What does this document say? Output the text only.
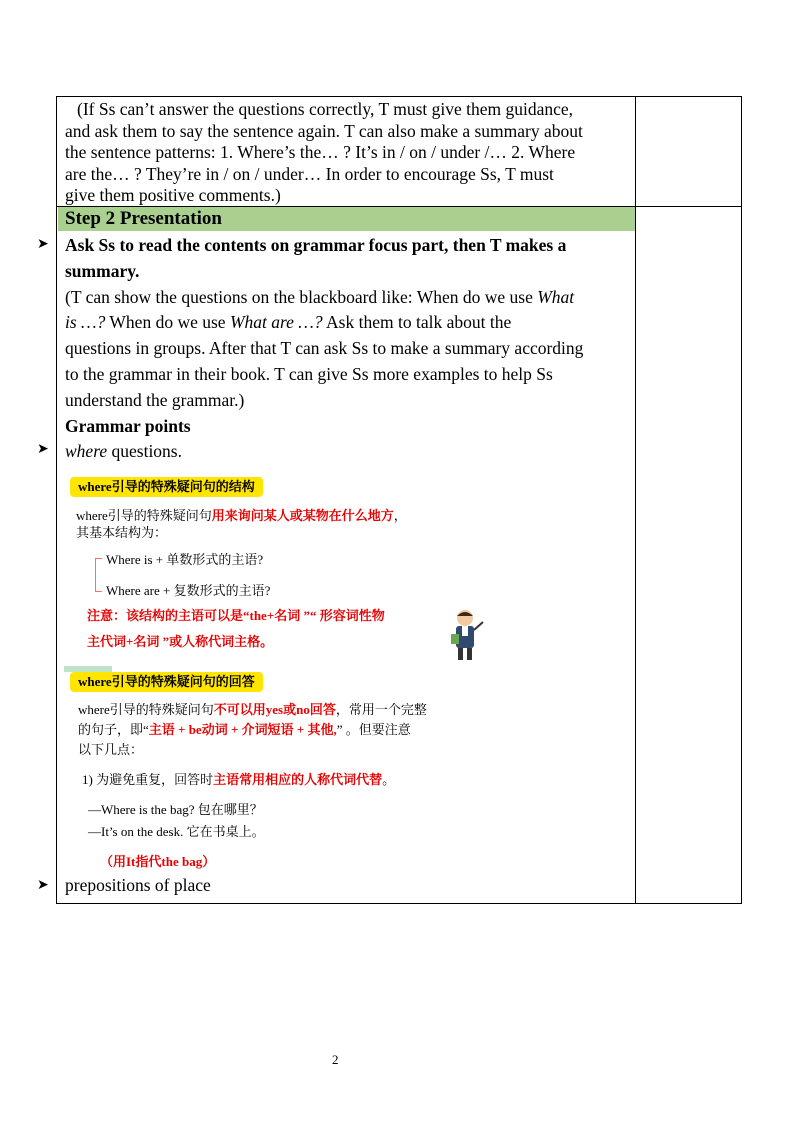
(If Ss can’t answer the questions correctly, T must give them guidance,
and ask them to say the sentence again. T can also make a summary about
the sentence patterns: 1. Where’s the… ? It’s in / on / under /… 2. Where
are the… ? They’re in / on / under… In order to encourage Ss, T must
give them positive comments.)
Step 2 Presentation
Ask Ss to read the contents on grammar focus part, then T makes a
summary.
(T can show the questions on the blackboard like: When do we use What
is …? When do we use What are …? Ask them to talk about the
questions in groups. After that T can ask Ss to make a summary according
to the grammar in their book. T can give Ss more examples to help Ss
understand the grammar.)
Grammar points
where questions.
prepositions of place
➤
➤
➤
where引导的特殊疑问句的结构
where引导的特殊疑问句用来询问某人或某物在什么地方，
其基本结构为：
Where is + 单数形式的主语?
Where are + 复数形式的主语?
注意：该结构的主语可以是“the+名词 ”“ 形容词性物
主代词+名词 ”或人称代词主格。
where引导的特殊疑问句的回答
where引导的特殊疑问句不可以用yes或no回答，常用一个完整
的句子，即“主语 + be动词 + 介词短语 + 其他,” 。但要注意
以下几点：
1) 为避免重复，回答时主语常用相应的人称代词代替。
—Where is the bag? 包在哪里？
—It’s on the desk. 它在书桌上。
（用It指代the bag）
2
